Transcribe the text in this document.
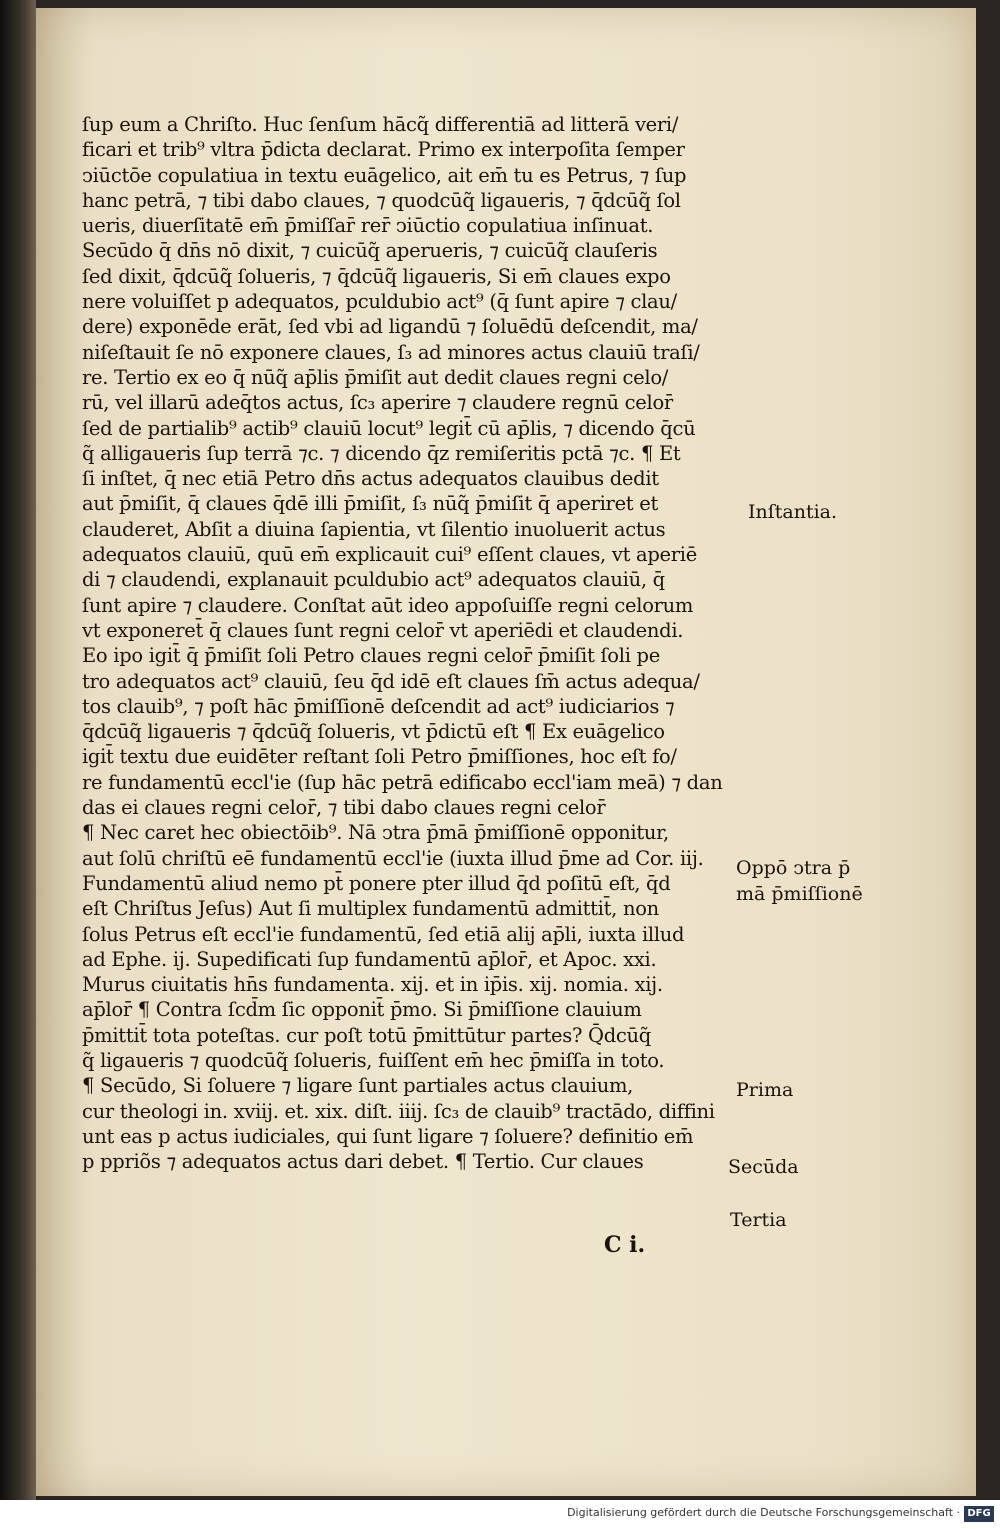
ſup eum a Chriſto. Huc ſenſum hācq̃ differentiā ad litterā veri/
ficari et trib⁹ vltra p̄dicta declarat. Primo ex interpoſita ſemper
ↄiūctōe copulatiua in textu euāgelico, ait em̄ tu es Petrus, ⁊ ſup
hanc petrā, ⁊ tibi dabo claues, ⁊ quodcūq̃ ligaueris, ⁊ q̄dcūq̃ ſol
ueris, diuerſitatē em̄ p̄miſſar̄ rer̄ ↄiūctio copulatiua inſinuat.
Secūdo q̄ dn̄s nō dixit, ⁊ cuicūq̃ aperueris, ⁊ cuicūq̃ clauſeris
ſed dixit, q̄dcūq̃ ſolueris, ⁊ q̄dcūq̃ ligaueris, Si em̄ claues expo
nere voluiſſet p adequatos, pculdubio act⁹ (q̄ ſunt apire ⁊ clau/
dere) exponēde erāt, ſed vbi ad ligandū ⁊ ſoluēdū deſcendit, ma/
niſeſtauit ſe nō exponere claues, ſ₃ ad minores actus clauiū traſi/
re. Tertio ex eo q̄ nūq̃ ap̄lis p̄miſit aut dedit claues regni celo/
rū, vel illarū adeq̄tos actus, ſc₃ aperire ⁊ claudere regnū celor̄
ſed de partialib⁹ actib⁹ clauiū locut⁹ legit̄ cū ap̄lis, ⁊ dicendo q̄cū
q̃ alligaueris ſup terrā ⁊c. ⁊ dicendo q̄z remiſeritis pctā ⁊c. ¶ Et
ſi inſtet, q̄ nec etiā Petro dn̄s actus adequatos clauibus dedit
aut p̄miſit, q̄ claues q̄dē illi p̄miſit, ſ₃ nūq̃ p̄miſit q̄ aperiret et
clauderet, Abſit a diuina ſapientia, vt ſilentio inuoluerit actus
adequatos clauiū, quū em̄ explicauit cui⁹ eſſent claues, vt aperiē
di ⁊ claudendi, explanauit pculdubio act⁹ adequatos clauiū, q̄
ſunt apire ⁊ claudere. Conſtat aūt ideo appoſuiſſe regni celorum
vt exponeret̄ q̄ claues ſunt regni celor̄ vt aperiēdi et claudendi.
Eo ipo igit̄ q̄ p̄miſit ſoli Petro claues regni celor̄ p̄miſit ſoli pe
tro adequatos act⁹ clauiū, ſeu q̄d idē eſt claues ſm̄ actus adequa/
tos clauib⁹, ⁊ poſt hāc p̄miſſionē deſcendit ad act⁹ iudiciarios ⁊
q̄dcūq̃ ligaueris ⁊ q̄dcūq̃ ſolueris, vt p̄dictū eſt ¶ Ex euāgelico
igit̄ textu due euidēter reſtant ſoli Petro p̄miſſiones, hoc eſt fo/
re fundamentū eccl'ie (ſup hāc petrā edificabo eccl'iam meā) ⁊ dan
das ei claues regni celor̄, ⁊ tibi dabo claues regni celor̄
¶ Nec caret hec obiectōib⁹. Nā ↄtra p̄mā p̄miſſionē opponitur,
aut ſolū chriſtū eē fundamentū eccl'ie (iuxta illud p̄me ad Cor. iij.
Fundamentū aliud nemo pt̄ ponere pter illud q̄d poſitū eſt, q̄d
eſt Chriſtus Jeſus) Aut ſi multiplex fundamentū admittit̄, non
ſolus Petrus eſt eccl'ie fundamentū, ſed etiā alij ap̄li, iuxta illud
ad Ephe. ij. Supedificati ſup fundamentū ap̄lor̄, et Apoc. xxi.
Murus ciuitatis hn̄s fundamenta. xij. et in ip̄is. xij. nomia. xij.
ap̄lor̄ ¶ Contra ſcd̄m ſic opponit̄ p̄mo. Si p̄miſſione clauium
p̄mittit̄ tota poteſtas. cur poſt totū p̄mittūtur partes? Q̄dcūq̃
q̃ ligaueris ⁊ quodcūq̃ ſolueris, fuiſſent em̄ hec p̄miſſa in toto.
¶ Secūdo, Si ſoluere ⁊ ligare ſunt partiales actus clauium,
cur theologi in. xviij. et. xix. diſt. iiij. ſc₃ de clauib⁹ tractādo, diffini
unt eas p actus iudiciales, qui ſunt ligare ⁊ ſoluere? definitio em̄
p ppriõs ⁊ adequatos actus dari debet. ¶ Tertio. Cur claues
Inſtantia.
Oppō ↄtra p̄
mā p̄miſſionē
Prima
Secūda
Tertia
C i.
Digitalisierung gefördert durch die Deutsche Forschungsgemeinschaft · DFG
